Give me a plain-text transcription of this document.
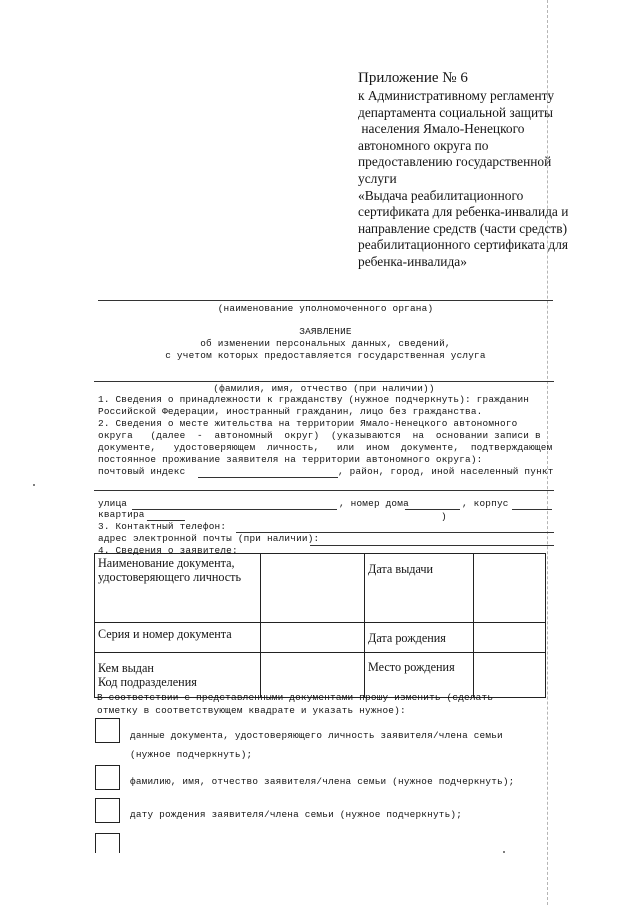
Приложение № 6
к Административному регламенту
департамента социальной защиты
населения Ямало-Ненецкого
автономного округа по
предоставлению государственной
услуги
«Выдача реабилитационного
сертификата для ребенка-инвалида и
направление средств (части средств)
реабилитационного сертификата для
ребенка-инвалида»
(наименование уполномоченного органа)
ЗАЯВЛЕНИЕ
об изменении персональных данных, сведений,
с учетом которых предоставляется государственная услуга
(фамилия, имя, отчество (при наличии))
1. Сведения о принадлежности к гражданству (нужное подчеркнуть): гражданин
Российской Федерации, иностранный гражданин, лицо без гражданства.
2. Сведения о месте жительства на территории Ямало-Ненецкого автономного
округа   (далее  -  автономный  округ)  (указываются  на  основании записи в
документе,   удостоверяющем  личность,   или  ином  документе,  подтверждающем
постоянное проживание заявителя на территории автономного округа):
почтовый индекс	, район, город, иной населенный пункт
улица	, номер дома	, корпус
квартира	)
3. Контактный телефон:
адрес электронной почты (при наличии):
4. Сведения о заявителе:
Наименование документа, удостоверяющего личность		Дата выдачи	
Серия и номер документа		Дата рождения	

Кем выдан
Код подразделения		Место рождения	
В соответствии с представленными документами прошу изменить (сделать
отметку в соответствующем квадрате и указать нужное):
данные документа, удостоверяющего личность заявителя/члена семьи
(нужное подчеркнуть);
фамилию, имя, отчество заявителя/члена семьи (нужное подчеркнуть);
дату рождения заявителя/члена семьи (нужное подчеркнуть);
